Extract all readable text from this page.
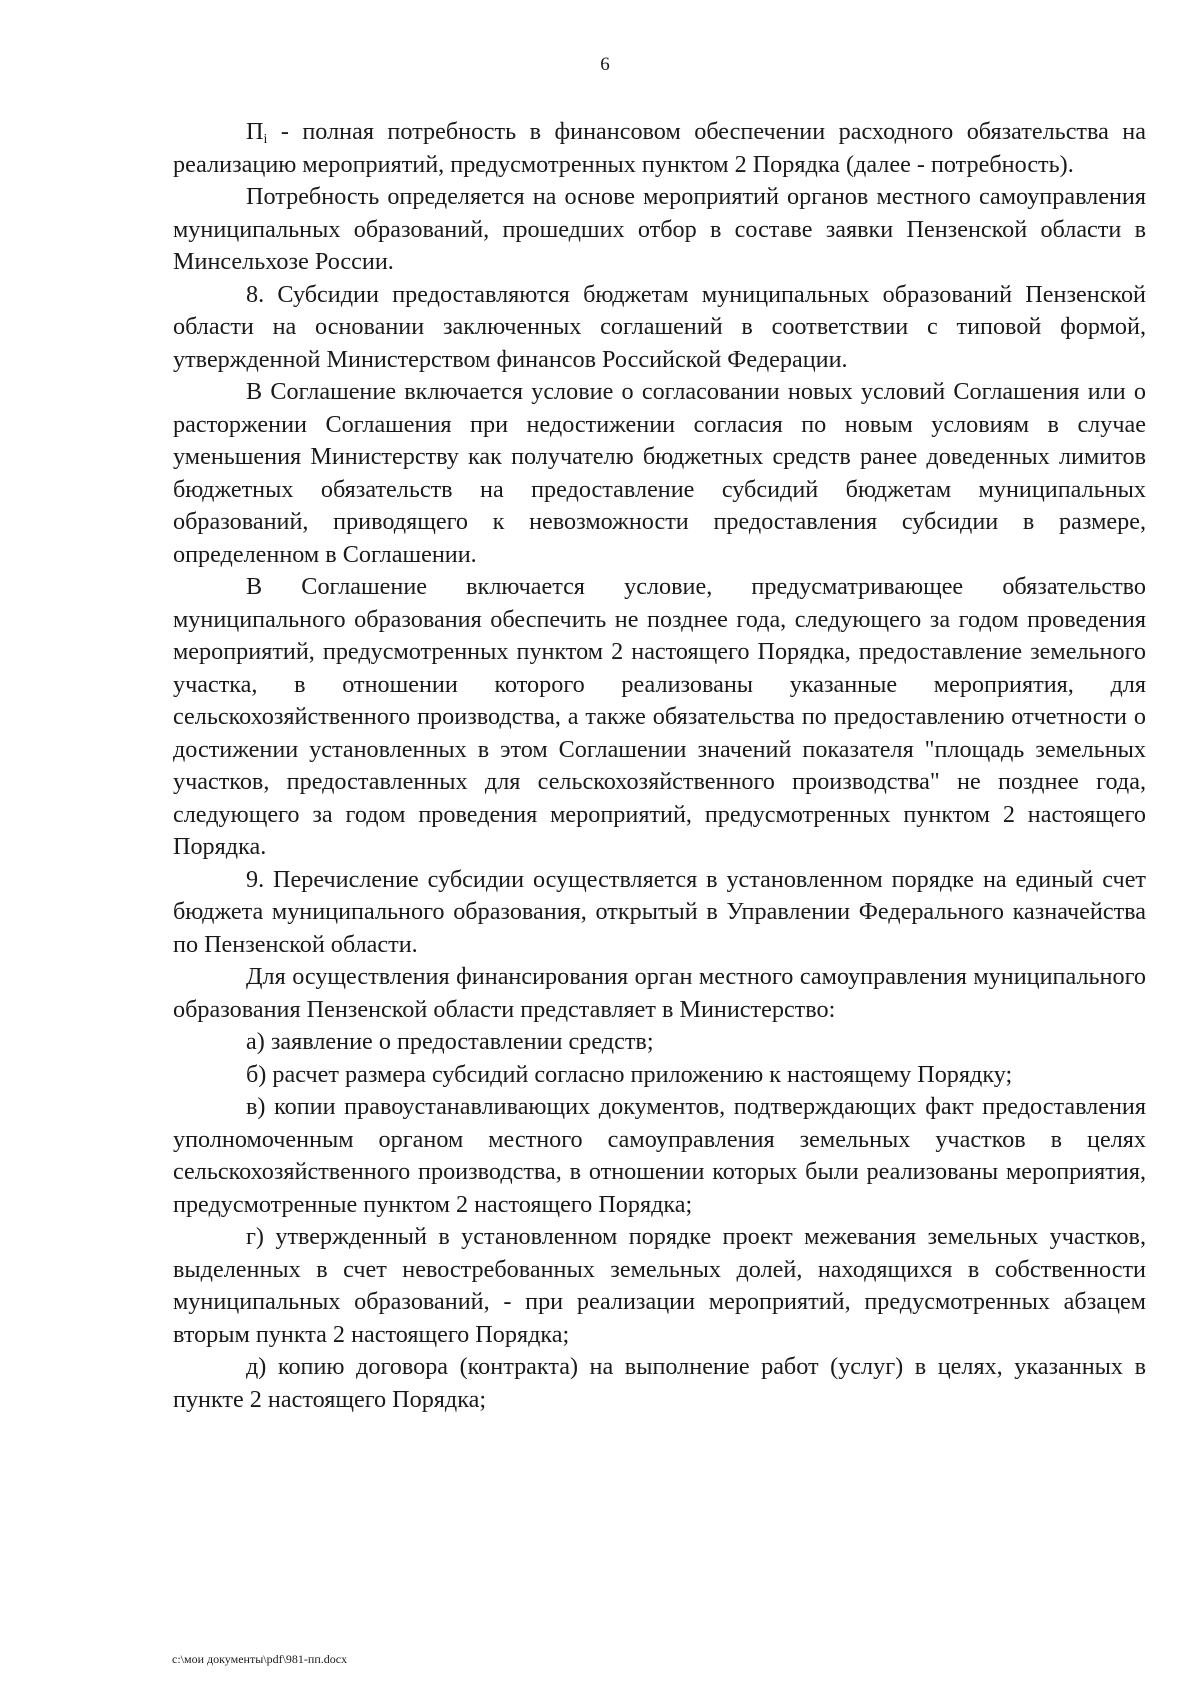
6

$П_i$ - полная потребность в финансовом обеспечении расходного обязательства на реализацию мероприятий, предусмотренных пунктом 2 Порядка (далее - потребность).

Потребность определяется на основе мероприятий органов местного самоуправления муниципальных образований, прошедших отбор в составе заявки Пензенской области в Минсельхозе России.

8. Субсидии предоставляются бюджетам муниципальных образований Пензенской области на основании заключенных соглашений в соответствии с типовой формой, утвержденной Министерством финансов Российской Федерации.

В Соглашение включается условие о согласовании новых условий Соглашения или о расторжении Соглашения при недостижении согласия по новым условиям в случае уменьшения Министерству как получателю бюджетных средств ранее доведенных лимитов бюджетных обязательств на предоставление субсидий бюджетам муниципальных образований, приводящего к невозможности предоставления субсидии в размере, определенном в Соглашении.

В Соглашение включается условие, предусматривающее обязательство муниципального образования обеспечить не позднее года, следующего за годом проведения мероприятий, предусмотренных пунктом 2 настоящего Порядка, предоставление земельного участка, в отношении которого реализованы указанные мероприятия, для сельскохозяйственного производства, а также обязательства по предоставлению отчетности о достижении установленных в этом Соглашении значений показателя "площадь земельных участков, предоставленных для сельскохозяйственного производства" не позднее года, следующего за годом проведения мероприятий, предусмотренных пунктом 2 настоящего Порядка.

9. Перечисление субсидии осуществляется в установленном порядке на единый счет бюджета муниципального образования, открытый в Управлении Федерального казначейства по Пензенской области.

Для осуществления финансирования орган местного самоуправления муниципального образования Пензенской области представляет в Министерство:

а) заявление о предоставлении средств;

б) расчет размера субсидий согласно приложению к настоящему Порядку;

в) копии правоустанавливающих документов, подтверждающих факт предоставления уполномоченным органом местного самоуправления земельных участков в целях сельскохозяйственного производства, в отношении которых были реализованы мероприятия, предусмотренные пунктом 2 настоящего Порядка;

г) утвержденный в установленном порядке проект межевания земельных участков, выделенных в счет невостребованных земельных долей, находящихся в собственности муниципальных образований, - при реализации мероприятий, предусмотренных абзацем вторым пункта 2 настоящего Порядка;

д) копию договора (контракта) на выполнение работ (услуг) в целях, указанных в пункте 2 настоящего Порядка;

c:\мои документы\pdf\981-пп.docx
